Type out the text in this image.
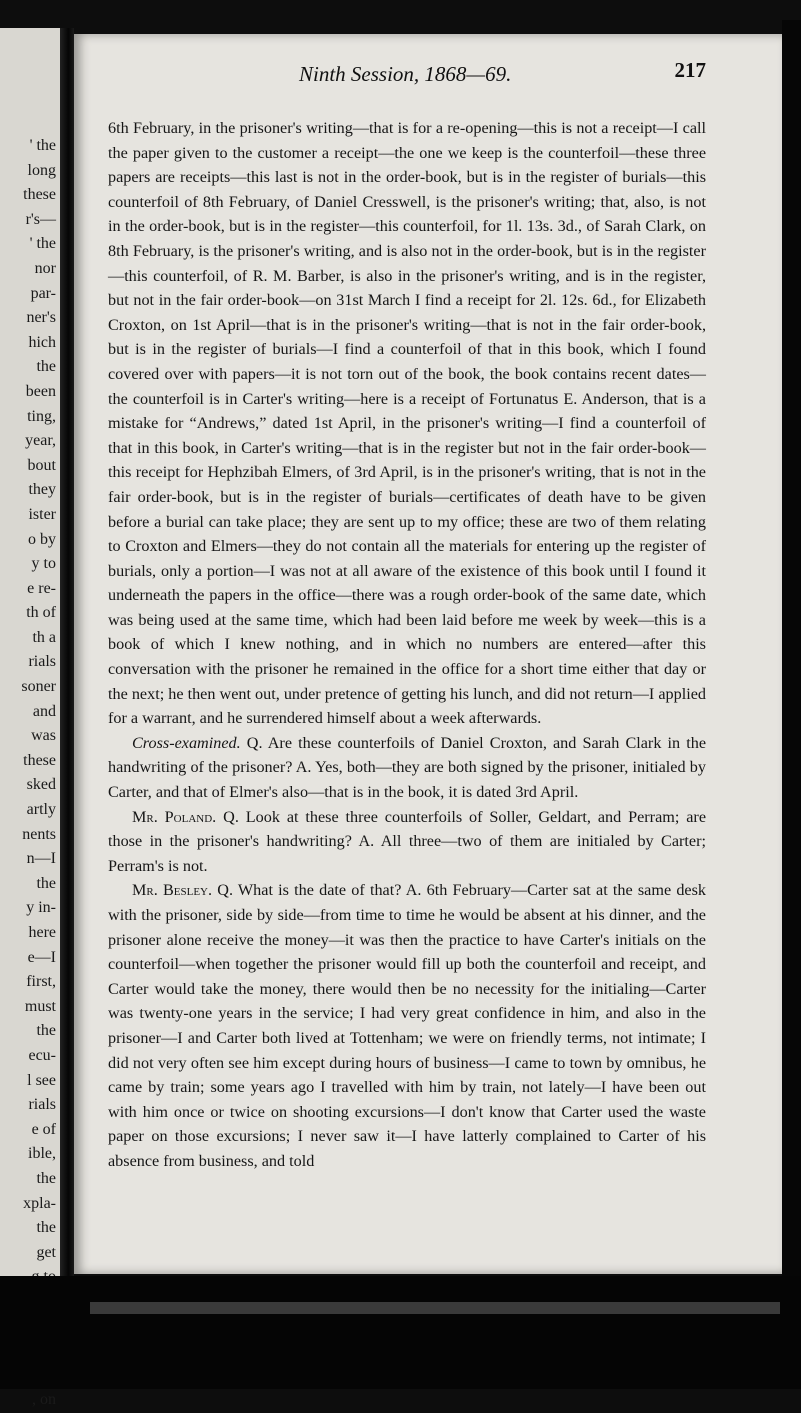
' the
long
these
r's—
' the
nor
par-
ner's
hich
the
been
ting,
year,
bout
they
ister
o by
y to
e re-
th of
th a
rials
soner
and
was
these
sked
artly
nents
n—I
the
y in-
here
e—I
first,
must
the
ecu-
l see
rials
e of
ible,
the
xpla-
the
get
, on
Ninth Session, 1868—69.	217

6th February, in the prisoner's writing—that is for a re-opening—this is not a receipt—I call the paper given to the customer a receipt—the one we keep is the counterfoil—these three papers are receipts—this last is not in the order-book, but is in the register of burials—this counterfoil of 8th February, of Daniel Cresswell, is the prisoner's writing; that, also, is not in the order-book, but is in the register—this counterfoil, for 1l. 13s. 3d., of Sarah Clark, on 8th February, is the prisoner's writing, and is also not in the order-book, but is in the register—this counterfoil, of R. M. Barber, is also in the prisoner's writing, and is in the register, but not in the fair order-book—on 31st March I find a receipt for 2l. 12s. 6d., for Elizabeth Croxton, on 1st April—that is in the prisoner's writing—that is not in the fair order-book, but is in the register of burials—I find a counterfoil of that in this book, which I found covered over with papers—it is not torn out of the book, the book contains recent dates—the counterfoil is in Carter's writing—here is a receipt of Fortunatus E. Anderson, that is a mistake for “Andrews,” dated 1st April, in the prisoner's writing—I find a counterfoil of that in this book, in Carter's writing—that is in the register but not in the fair order-book—this receipt for Hephzibah Elmers, of 3rd April, is in the prisoner's writing, that is not in the fair order-book, but is in the register of burials—certificates of death have to be given before a burial can take place; they are sent up to my office; these are two of them relating to Croxton and Elmers—they do not contain all the materials for entering up the register of burials, only a portion—I was not at all aware of the existence of this book until I found it underneath the papers in the office—there was a rough order-book of the same date, which was being used at the same time, which had been laid before me week by week—this is a book of which I knew nothing, and in which no numbers are entered—after this conversation with the prisoner he remained in the office for a short time either that day or the next; he then went out, under pretence of getting his lunch, and did not return—I applied for a warrant, and he surrendered himself about a week afterwards.

Cross-examined. Q. Are these counterfoils of Daniel Croxton, and Sarah Clark in the handwriting of the prisoner? A. Yes, both—they are both signed by the prisoner, initialed by Carter, and that of Elmer's also—that is in the book, it is dated 3rd April.

Mr. Poland. Q. Look at these three counterfoils of Soller, Geldart, and Perram; are those in the prisoner's handwriting? A. All three—two of them are initialed by Carter; Perram's is not.

Mr. Besley. Q. What is the date of that? A. 6th February—Carter sat at the same desk with the prisoner, side by side—from time to time he would be absent at his dinner, and the prisoner alone receive the money—it was then the practice to have Carter's initials on the counterfoil—when together the prisoner would fill up both the counterfoil and receipt, and Carter would take the money, there would then be no necessity for the initialing—Carter was twenty-one years in the service; I had very great confidence in him, and also in the prisoner—I and Carter both lived at Tottenham; we were on friendly terms, not intimate; I did not very often see him except during hours of business—I came to town by omnibus, he came by train; some years ago I travelled with him by train, not lately—I have been out with him once or twice on shooting excursions—I don't know that Carter used the waste paper on those excursions; I never saw it—I have latterly complained to Carter of his absence from business, and told
